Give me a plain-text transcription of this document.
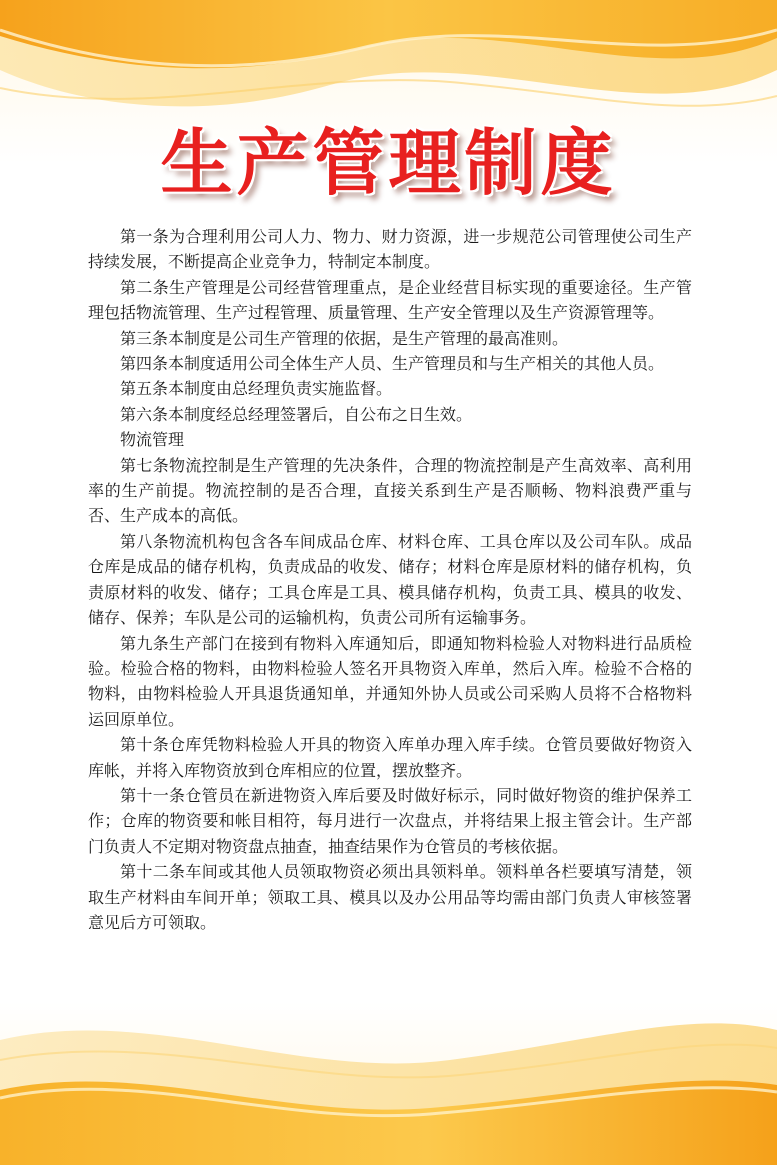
生产管理制度

第一条为合理利用公司人力、物力、财力资源，进一步规范公司管理使公司生产持续发展，不断提高企业竞争力，特制定本制度。

第二条生产管理是公司经营管理重点，是企业经营目标实现的重要途径。生产管理包括物流管理、生产过程管理、质量管理、生产安全管理以及生产资源管理等。

第三条本制度是公司生产管理的依据，是生产管理的最高准则。

第四条本制度适用公司全体生产人员、生产管理员和与生产相关的其他人员。

第五条本制度由总经理负责实施监督。

第六条本制度经总经理签署后，自公布之日生效。

物流管理

第七条物流控制是生产管理的先决条件，合理的物流控制是产生高效率、高利用率的生产前提。物流控制的是否合理，直接关系到生产是否顺畅、物料浪费严重与否、生产成本的高低。

第八条物流机构包含各车间成品仓库、材料仓库、工具仓库以及公司车队。成品仓库是成品的储存机构，负责成品的收发、储存；材料仓库是原材料的储存机构，负责原材料的收发、储存；工具仓库是工具、模具储存机构，负责工具、模具的收发、储存、保养；车队是公司的运输机构，负责公司所有运输事务。

第九条生产部门在接到有物料入库通知后，即通知物料检验人对物料进行品质检验。检验合格的物料，由物料检验人签名开具物资入库单，然后入库。检验不合格的物料，由物料检验人开具退货通知单，并通知外协人员或公司采购人员将不合格物料运回原单位。

第十条仓库凭物料检验人开具的物资入库单办理入库手续。仓管员要做好物资入库帐，并将入库物资放到仓库相应的位置，摆放整齐。

第十一条仓管员在新进物资入库后要及时做好标示，同时做好物资的维护保养工作；仓库的物资要和帐目相符，每月进行一次盘点，并将结果上报主管会计。生产部门负责人不定期对物资盘点抽查，抽查结果作为仓管员的考核依据。

第十二条车间或其他人员领取物资必须出具领料单。领料单各栏要填写清楚，领取生产材料由车间开单；领取工具、模具以及办公用品等均需由部门负责人审核签署意见后方可领取。
